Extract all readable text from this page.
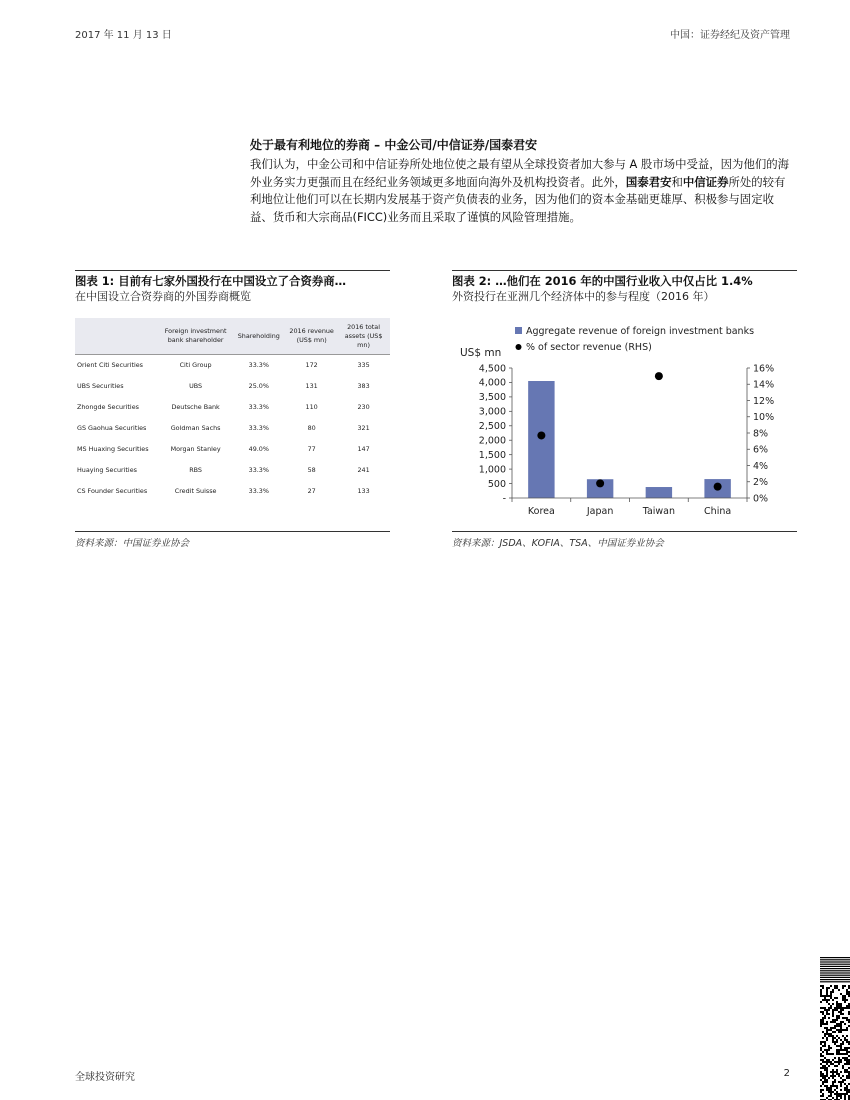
2017 年 11 月 13 日	中国：证券经纪及资产管理
处于最有利地位的券商 – 中金公司/中信证券/国泰君安

我们认为，中金公司和中信证券所处地位使之最有望从全球投资者加大参与 A 股市场中受益，因为他们的海外业务实力更强而且在经纪业务领域更多地面向海外及机构投资者。此外，国泰君安和中信证券所处的较有利地位让他们可以在长期内发展基于资产负债表的业务，因为他们的资本金基础更雄厚、积极参与固定收益、货币和大宗商品(FICC)业务而且采取了谨慎的风险管理措施。

图表 1: 目前有七家外国投行在中国设立了合资券商…
在中国设立合资券商的外国券商概览
图表 2: …他们在 2016 年的中国行业收入中仅占比 1.4%
外资投行在亚洲几个经济体中的参与程度（2016 年）
	Foreign investment bank shareholder	Shareholding	2016 revenue (US$ mn)	2016 total assets (US$ mn)
Orient Citi Securities	Citi Group	33.3%	172	335
UBS Securities	UBS	25.0%	131	383
Zhongde Securities	Deutsche Bank	33.3%	110	230
GS Gaohua Securities	Goldman Sachs	33.3%	80	321
MS Huaxing Securities	Morgan Stanley	49.0%	77	147
Huaying Securities	RBS	33.3%	58	241
CS Founder Securities	Credit Suisse	33.3%	27	133
Aggregate revenue of foreign investment banks
% of sector revenue (RHS)
US$ mn
-
500
1,000
1,500
2,000
2,500
3,000
3,500
4,000
4,500
0%
2%
4%
6%
8%
10%
12%
14%
16%
Korea	Japan	Taiwan	China
资料来源：中国证券业协会	资料来源：JSDA、KOFIA、TSA、中国证券业协会
全球投资研究	2
